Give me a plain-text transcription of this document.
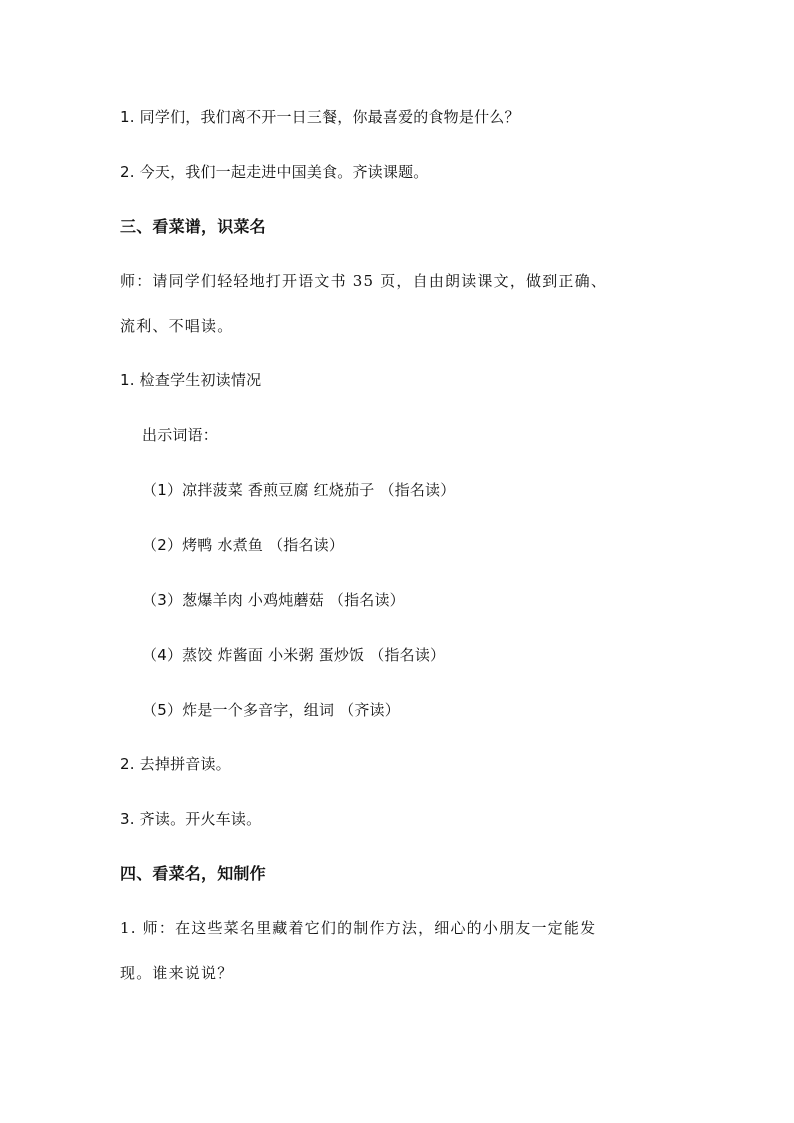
1. 同学们，我们离不开一日三餐，你最喜爱的食物是什么？
2. 今天，我们一起走进中国美食。齐读课题。
三、看菜谱，识菜名
师：请同学们轻轻地打开语文书 35 页，自由朗读课文，做到正确、
流利、不唱读。
1. 检查学生初读情况
出示词语：
（1）凉拌菠菜 香煎豆腐 红烧茄子 （指名读）
（2）烤鸭 水煮鱼 （指名读）
（3）葱爆羊肉 小鸡炖蘑菇 （指名读）
（4）蒸饺 炸酱面 小米粥 蛋炒饭 （指名读）
（5）炸是一个多音字，组词 （齐读）
2. 去掉拼音读。
3. 齐读。开火车读。
四、看菜名，知制作
1. 师：在这些菜名里藏着它们的制作方法，细心的小朋友一定能发
现。谁来说说？
